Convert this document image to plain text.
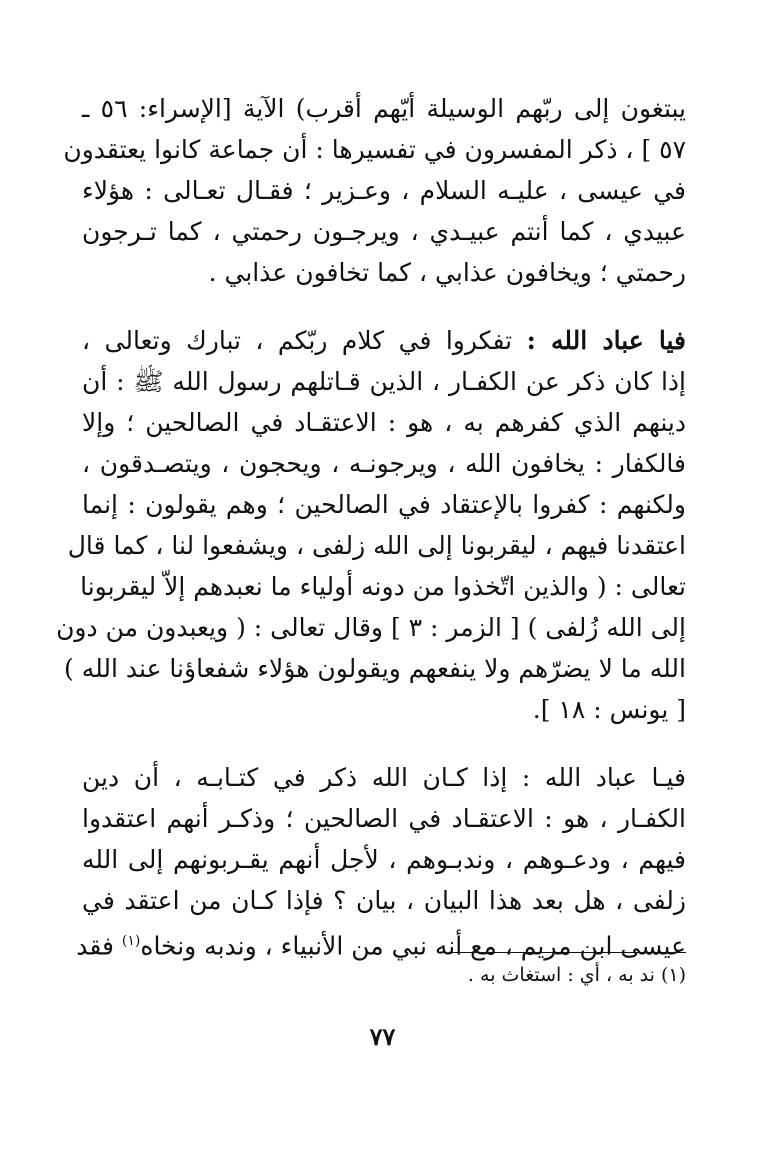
يبتغون إلى ربّهم الوسيلة أيّهم أقرب) الآية [الإسراء: ٥٦ ـ
٥٧ ] ، ذكر المفسرون في تفسيرها : أن جماعة كانوا يعتقدون
في عيسى ، عليـه السلام ، وعـزير ؛ فقـال تعـالى : هؤلاء
عبيدي ، كما أنتم عبيـدي ، ويرجـون رحمتي ، كما تـرجون
رحمتي ؛ ويخافون عذابي ، كما تخافون عذابي .
فيا عباد الله : تفكروا في كلام ربّكم ، تبارك وتعالى ،
إذا كان ذكر عن الكفـار ، الذين قـاتلهم رسول الله ﷺ : أن
دينهم الذي كفرهم به ، هو : الاعتقـاد في الصالحين ؛ وإلا
فالكفار : يخافون الله ، ويرجونـه ، ويحجون ، ويتصـدقون ،
ولكنهم : كفروا بالإعتقاد في الصالحين ؛ وهم يقولون : إنما
اعتقدنا فيهم ، ليقربونا إلى الله زلفى ، ويشفعوا لنا ، كما قال
تعالى : ( والذين اتّخذوا من دونه أولياء ما نعبدهم إلاّ ليقربونا
إلى الله زُلفى ) [ الزمر : ٣ ] وقال تعالى : ( ويعبدون من دون
الله ما لا يضرّهم ولا ينفعهم ويقولون هؤلاء شفعاؤنا عند الله )
[ يونس : ١٨ ].
فيـا عباد الله : إذا كـان الله ذكر في كتـابـه ، أن دين
الكفـار ، هو : الاعتقـاد في الصالحين ؛ وذكـر أنهم اعتقدوا
فيهم ، ودعـوهم ، وندبـوهم ، لأجل أنهم يقـربونهم إلى الله
زلفى ، هل بعد هذا البيان ، بيان ؟ فإذا كـان من اعتقد في
عيسى ابن مريم ، مع أنه نبي من الأنبياء ، وندبه ونخاه$^{(١)}$ فقد
(١) ند به ، أي : استغاث به .
٧٧
